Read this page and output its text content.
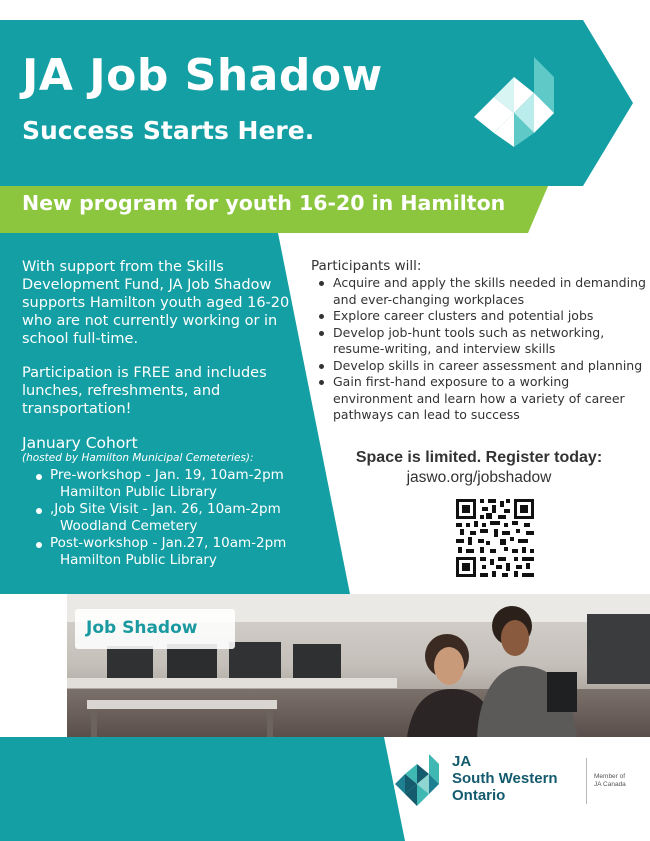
JA Job Shadow
Success Starts Here.
New program for youth 16-20 in Hamilton

With support from the Skills Development Fund, JA Job Shadow supports Hamilton youth aged 16-20 who are not currently working or in school full-time.

Participation is FREE and includes lunches, refreshments, and transportation!

January Cohort
(hosted by Hamilton Municipal Cemeteries):
Pre-workshop - Jan. 19, 10am-2pm
Hamilton Public Library
,Job Site Visit - Jan. 26, 10am-2pm
Woodland Cemetery
Post-workshop - Jan.27, 10am-2pm
Hamilton Public Library
Participants will:
Acquire and apply the skills needed in demanding and ever-changing workplaces
Explore career clusters and potential jobs
Develop job-hunt tools such as networking, resume-writing, and interview skills
Develop skills in career assessment and planning
Gain first-hand exposure to a working environment and learn how a variety of career pathways can lead to success
Space is limited. Register today:
jaswo.org/jobshadow
Job Shadow
JA
South Western
Ontario
Member of
JA Canada
